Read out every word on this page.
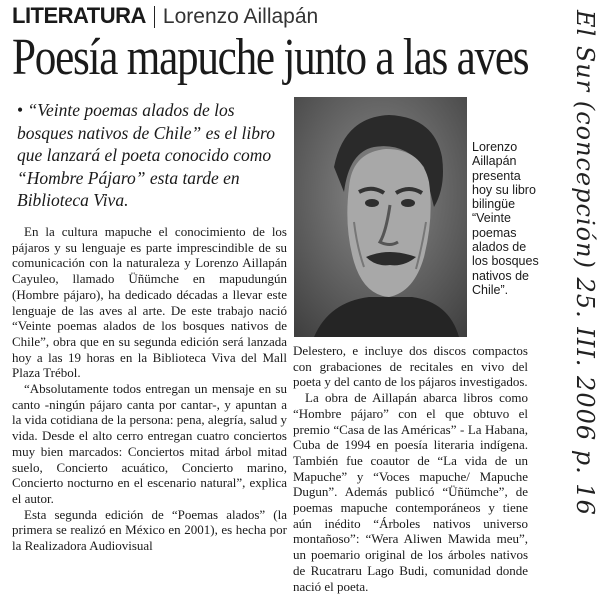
LITERATURA Lorenzo Aillapán
Poesía mapuche junto a las aves
• “Veinte poemas alados de los bosques nativos de Chile” es el libro que lanzará el poeta conocido como “Hombre Pájaro” esta tarde en Biblioteca Viva.
Lorenzo Aillapán presenta hoy su libro bilingüe “Veinte poemas alados de los bosques nativos de Chile”.

En la cultura mapuche el conocimiento de los pájaros y su lenguaje es parte imprescindible de su comunicación con la naturaleza y Lorenzo Aillapán Cayuleo, llamado Üñümche en mapudungún (Hombre pájaro), ha dedicado décadas a llevar este lenguaje de las aves al arte. De este trabajo nació “Veinte poemas alados de los bosques nativos de Chile”, obra que en su segunda edición será lanzada hoy a las 19 horas en la Biblioteca Viva del Mall Plaza Trébol.

“Absolutamente todos entregan un mensaje en su canto -ningún pájaro canta por cantar-, y apuntan a la vida cotidiana de la persona: pena, alegría, salud y vida. Desde el alto cerro entregan cuatro conciertos muy bien marcados: Conciertos mitad árbol mitad suelo, Concierto acuático, Concierto marino, Concierto nocturno en el escenario natural”, explica el autor.

Esta segunda edición de “Poemas alados” (la primera se realizó en México en 2001), es hecha por la Realizadora Audiovisual

Delestero, e incluye dos discos compactos con grabaciones de recitales en vivo del poeta y del canto de los pájaros investigados.

La obra de Aillapán abarca libros como “Hombre pájaro” con el que obtuvo el premio “Casa de las Américas” - La Habana, Cuba de 1994 en poesía literaria indígena. También fue coautor de “La vida de un Mapuche” y “Voces mapuche/ Mapuche Dugun”. Además publicó “Üñümche”, de poemas mapuche contemporáneos y tiene aún inédito “Árboles nativos universo montañoso”: “Wera Aliwen Mawida meu”, un poemario original de los árboles nativos de Rucatraru Lago Budi, comunidad donde nació el poeta.

El Sur (concepción) 25. III. 2006 p. 16
